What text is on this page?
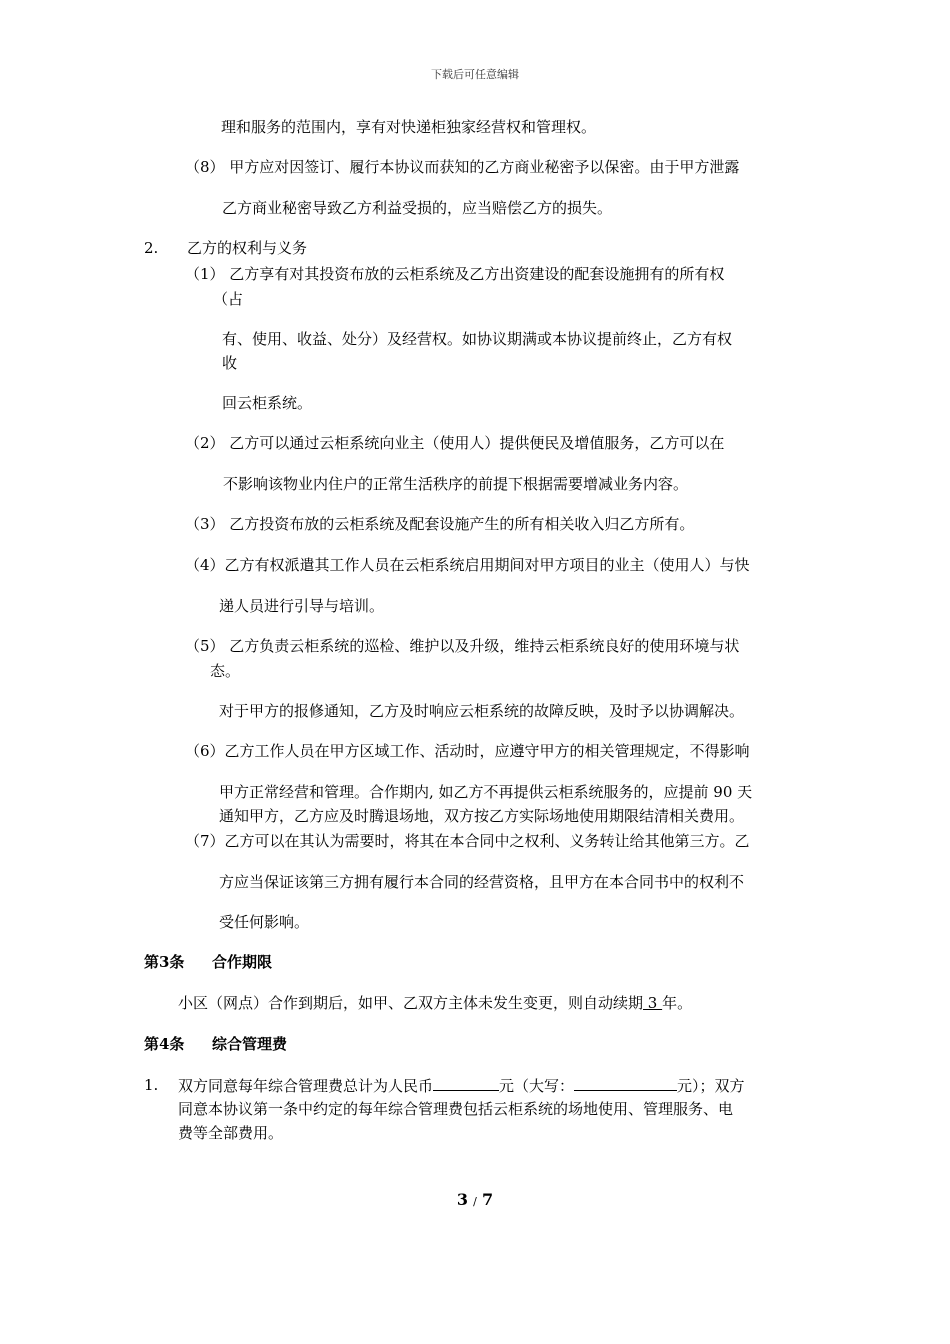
下载后可任意编辑
理和服务的范围内，享有对快递柜独家经营权和管理权。
（8） 甲方应对因签订、履行本协议而获知的乙方商业秘密予以保密。由于甲方泄露
乙方商业秘密导致乙方利益受损的，应当赔偿乙方的损失。
2. 乙方的权利与义务
（1） 乙方享有对其投资布放的云柜系统及乙方出资建设的配套设施拥有的所有权
（占
有、使用、收益、处分）及经营权。如协议期满或本协议提前终止，乙方有权
收
回云柜系统。
（2） 乙方可以通过云柜系统向业主（使用人）提供便民及增值服务，乙方可以在
不影响该物业内住户的正常生活秩序的前提下根据需要增减业务内容。
（3） 乙方投资布放的云柜系统及配套设施产生的所有相关收入归乙方所有。
（4）乙方有权派遣其工作人员在云柜系统启用期间对甲方项目的业主（使用人）与快
递人员进行引导与培训。
（5） 乙方负责云柜系统的巡检、维护以及升级，维持云柜系统良好的使用环境与状
态。
对于甲方的报修通知，乙方及时响应云柜系统的故障反映，及时予以协调解决。
（6）乙方工作人员在甲方区域工作、活动时，应遵守甲方的相关管理规定，不得影响
甲方正常经营和管理。合作期内, 如乙方不再提供云柜系统服务的，应提前 90 天
通知甲方，乙方应及时腾退场地，双方按乙方实际场地使用期限结清相关费用。
（7）乙方可以在其认为需要时，将其在本合同中之权利、义务转让给其他第三方。乙
方应当保证该第三方拥有履行本合同的经营资格，且甲方在本合同书中的权利不
受任何影响。
第3条 合作期限
小区（网点）合作到期后，如甲、乙双方主体未发生变更，则自动续期 3 年。
第4条 综合管理费
1. 双方同意每年综合管理费总计为人民币	元（大写：	元）；双方
同意本协议第一条中约定的每年综合管理费包括云柜系统的场地使用、管理服务、电
费等全部费用。
3 / 7
